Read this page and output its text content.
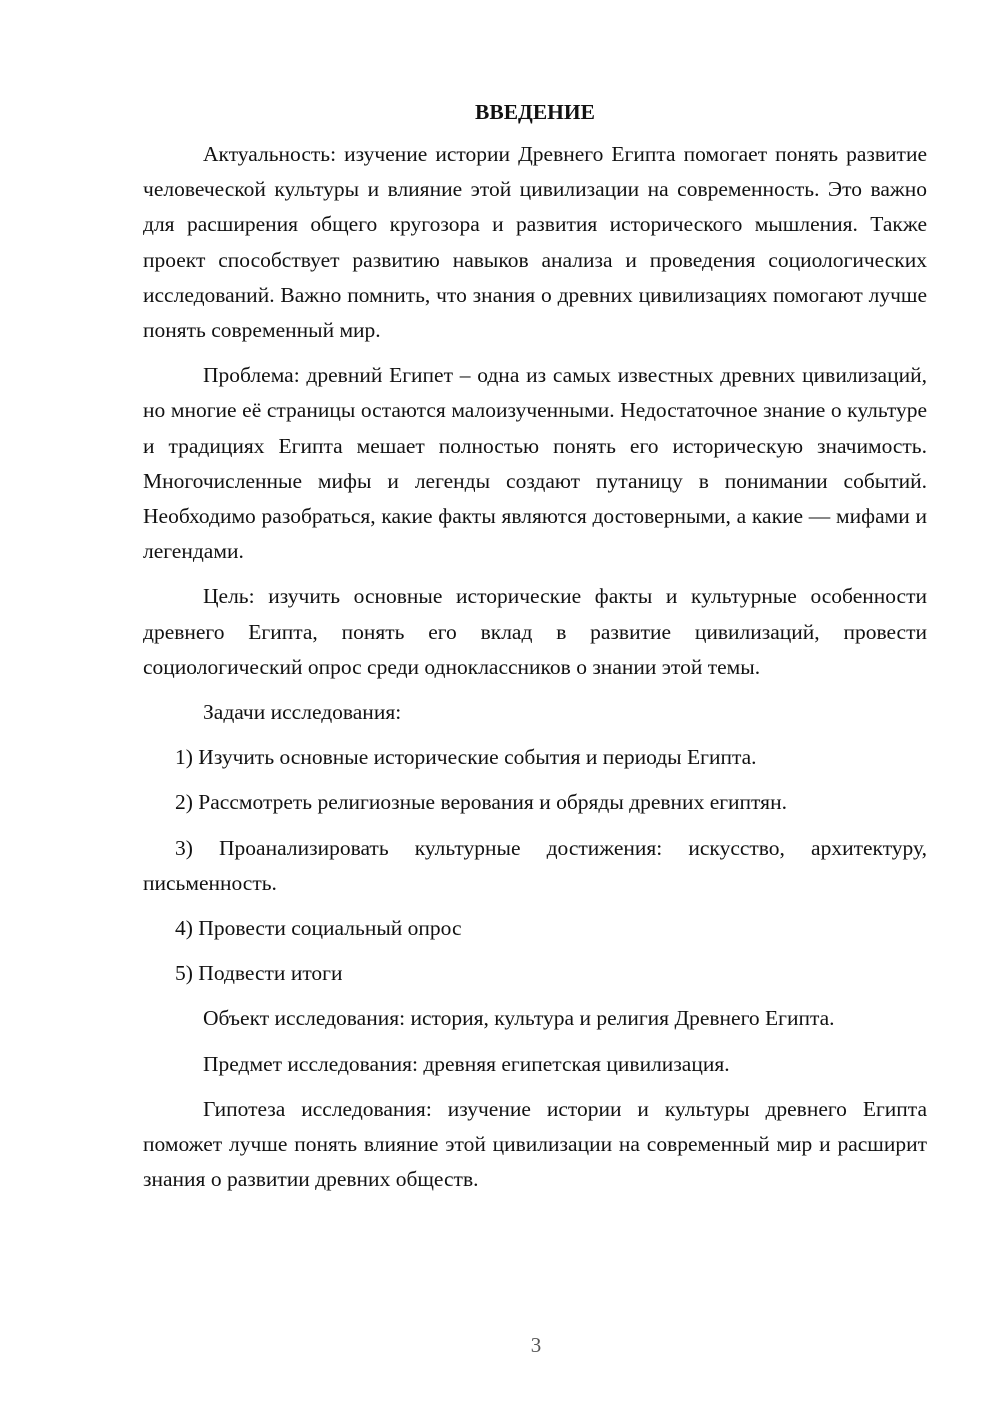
ВВЕДЕНИЕ

Актуальность: изучение истории Древнего Египта помогает понять развитие человеческой культуры и влияние этой цивилизации на современность. Это важно для расширения общего кругозора и развития исторического мышления. Также проект способствует развитию навыков анализа и проведения социологических исследований. Важно помнить, что знания о древних цивилизациях помогают лучше понять современный мир.

Проблема: древний Египет – одна из самых известных древних цивилизаций, но многие её страницы остаются малоизученными. Недостаточное знание о культуре и традициях Египта мешает полностью понять его историческую значимость. Многочисленные мифы и легенды создают путаницу в понимании событий. Необходимо разобраться, какие факты являются достоверными, а какие — мифами и легендами.

Цель: изучить основные исторические факты и культурные особенности древнего Египта, понять его вклад в развитие цивилизаций, провести социологический опрос среди одноклассников о знании этой темы.

Задачи исследования:

1) Изучить основные исторические события и периоды Египта.

2) Рассмотреть религиозные верования и обряды древних египтян.

3) Проанализировать культурные достижения: искусство, архитектуру, письменность.

4) Провести социальный опрос

5) Подвести итоги

Объект исследования: история, культура и религия Древнего Египта.

Предмет исследования: древняя египетская цивилизация.

Гипотеза исследования: изучение истории и культуры древнего Египта поможет лучше понять влияние этой цивилизации на современный мир и расширит знания о развитии древних обществ.

3
